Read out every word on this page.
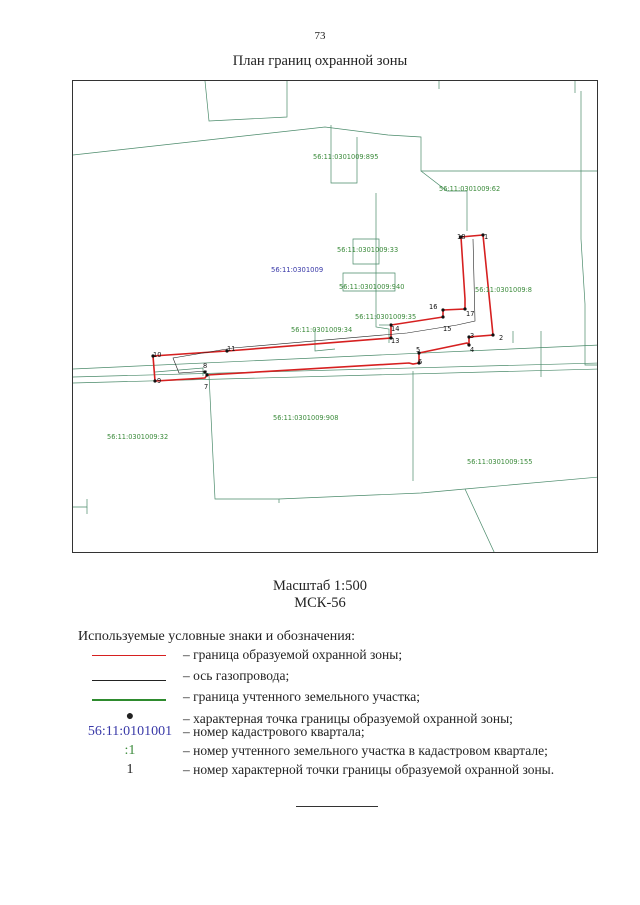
73
План границ охранной зоны
56:11:0301009:895
56:11:0301009:62
56:11:0301009:33
56:11:0301009:940	56:11:0301009:8
56:11:0301009:35
56:11:0301009:34
56:11:0301009:908
56:11:0301009:32
56:11:0301009:155
56:11:0301009
1
2
3
4
5
6
7
8
9
10
11
13
14	15
16
17
18
Масштаб 1:500
МСК-56
Используемые условные знаки и обозначения:
– граница образуемой охранной зоны;
– ось газопровода;
– граница учтенного земельного участка;
●	– характерная точка границы образуемой охранной зоны;
56:11:0101001 – номер кадастрового квартала;
:1	– номер учтенного земельного участка в кадастровом квартале;
1	– номер характерной точки границы образуемой охранной зоны.
